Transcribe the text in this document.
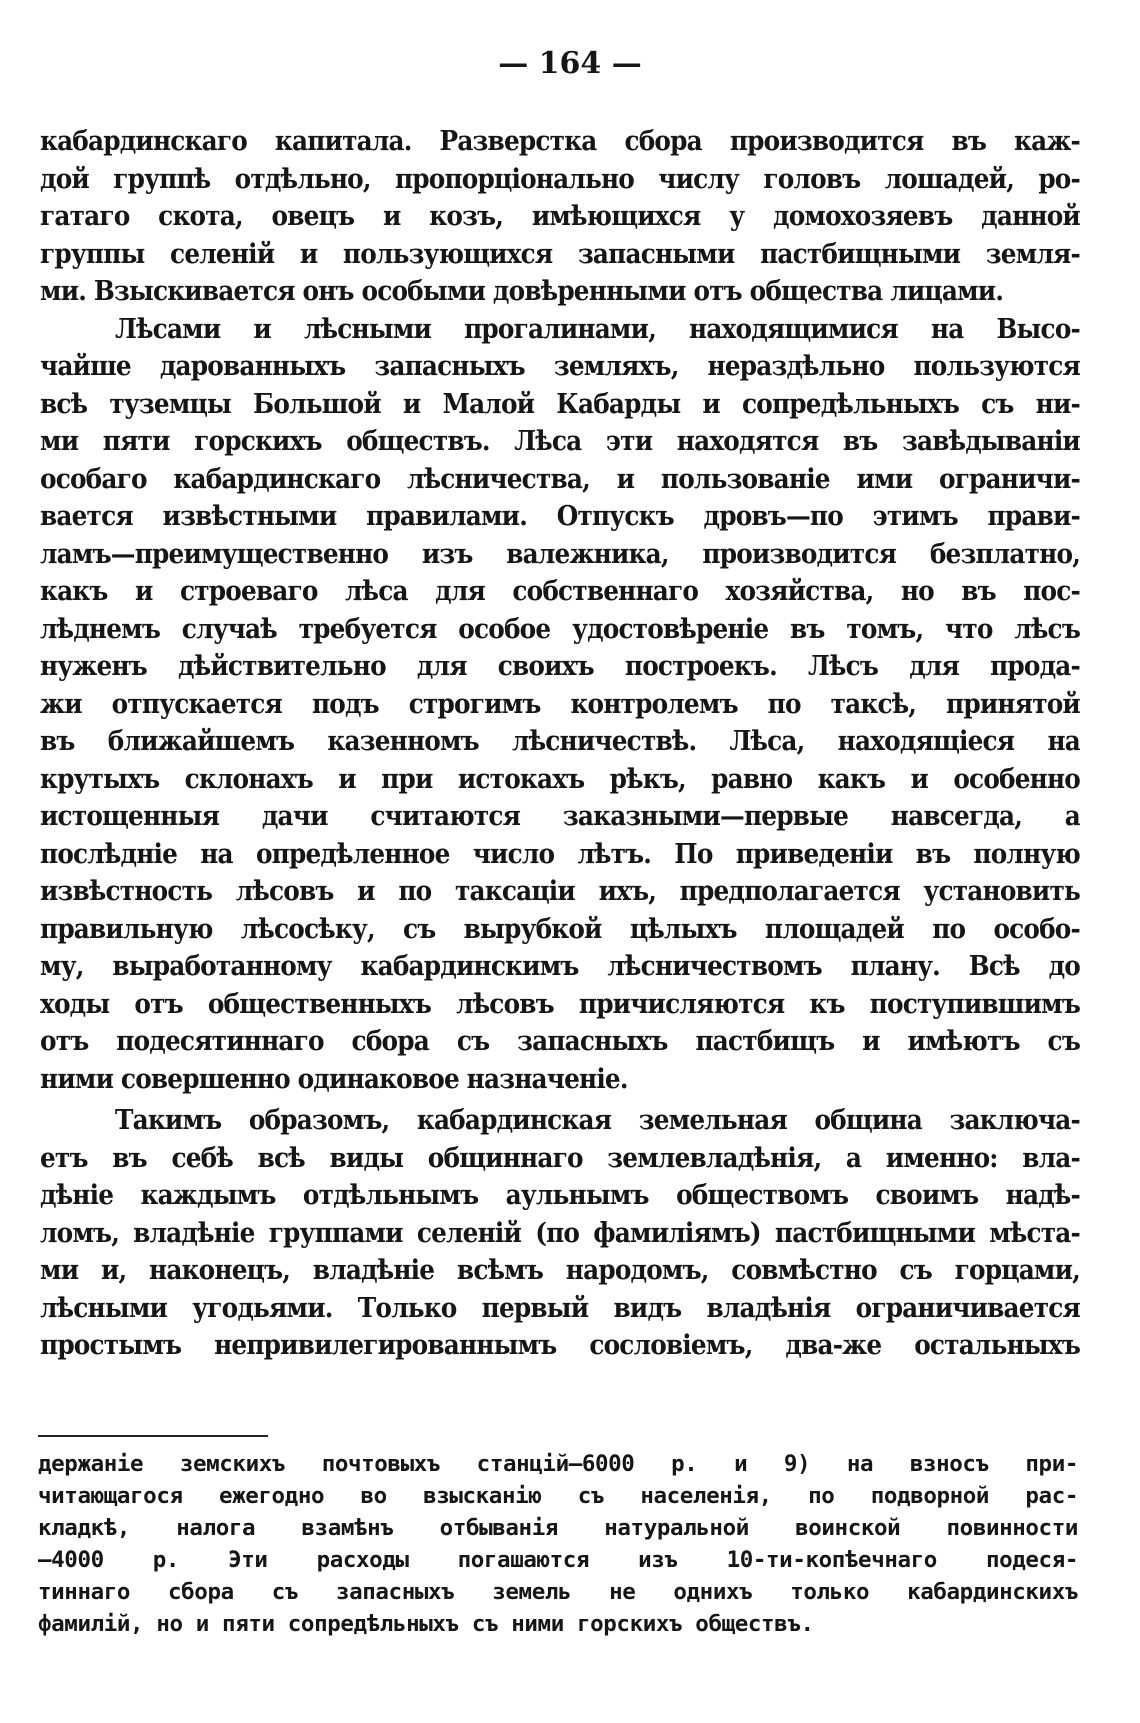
— 164 —
кабардинскаго капитала. Разверстка сбора производится въ каж-
дой группѣ отдѣльно, пропорціонально числу головъ лошадей, ро-
гатаго скота, овецъ и козъ, имѣющихся у домохозяевъ данной
группы селеній и пользующихся запасными пастбищными земля-
ми. Взыскивается онъ особыми довѣренными отъ общества лицами.
Лѣсами и лѣсными прогалинами, находящимися на Высо-
чайше дарованныхъ запасныхъ земляхъ, нераздѣльно пользуются
всѣ туземцы Большой и Малой Кабарды и сопредѣльныхъ съ ни-
ми пяти горскихъ обществъ. Лѣса эти находятся въ завѣдываніи
особаго кабардинскаго лѣсничества, и пользованіе ими ограничи-
вается извѣстными правилами. Отпускъ дровъ—по этимъ прави-
ламъ—преимущественно изъ валежника, производится безплатно,
какъ и строеваго лѣса для собственнаго хозяйства, но въ пос-
лѣднемъ случаѣ требуется особое удостовѣреніе въ томъ, что лѣсъ
нуженъ дѣйствительно для своихъ построекъ. Лѣсъ для прода-
жи отпускается подъ строгимъ контролемъ по таксѣ, принятой
въ ближайшемъ казенномъ лѣсничествѣ. Лѣса, находящіеся на
крутыхъ склонахъ и при истокахъ рѣкъ, равно какъ и особенно
истощенныя дачи считаются заказными—первые навсегда, а
послѣдніе на опредѣленное число лѣтъ. По приведеніи въ полную
извѣстность лѣсовъ и по таксаціи ихъ, предполагается установить
правильную лѣсосѣку, съ вырубкой цѣлыхъ площадей по особо-
му, выработанному кабардинскимъ лѣсничествомъ плану. Всѣ до
ходы отъ общественныхъ лѣсовъ причисляются къ поступившимъ
отъ подесятиннаго сбора съ запасныхъ пастбищъ и имѣютъ съ
ними совершенно одинаковое назначеніе.
Такимъ образомъ, кабардинская земельная община заключа-
етъ въ себѣ всѣ виды общиннаго землевладѣнія, а именно: вла-
дѣніе каждымъ отдѣльнымъ аульнымъ обществомъ своимъ надѣ-
ломъ, владѣніе группами селеній (по фамиліямъ) пастбищными мѣста-
ми и, наконецъ, владѣніе всѣмъ народомъ, совмѣстно съ горцами,
лѣсными угодьями. Только первый видъ владѣнія ограничивается
простымъ непривилегированнымъ сословіемъ, два-же остальныхъ
держаніе земскихъ почтовыхъ станцій—6000 р. и 9) на взносъ при-
читающагося ежегодно во взысканію съ населенія, по подворной рас-
кладкѣ, налога взамѣнъ отбыванія натуральной воинской повинности
—4000 р. Эти расходы погашаются изъ 10-ти-копѣечнаго подеся-
тиннаго сбора съ запасныхъ земель не однихъ только кабардинскихъ
фамилій, но и пяти сопредѣльныхъ съ ними горскихъ обществъ.
